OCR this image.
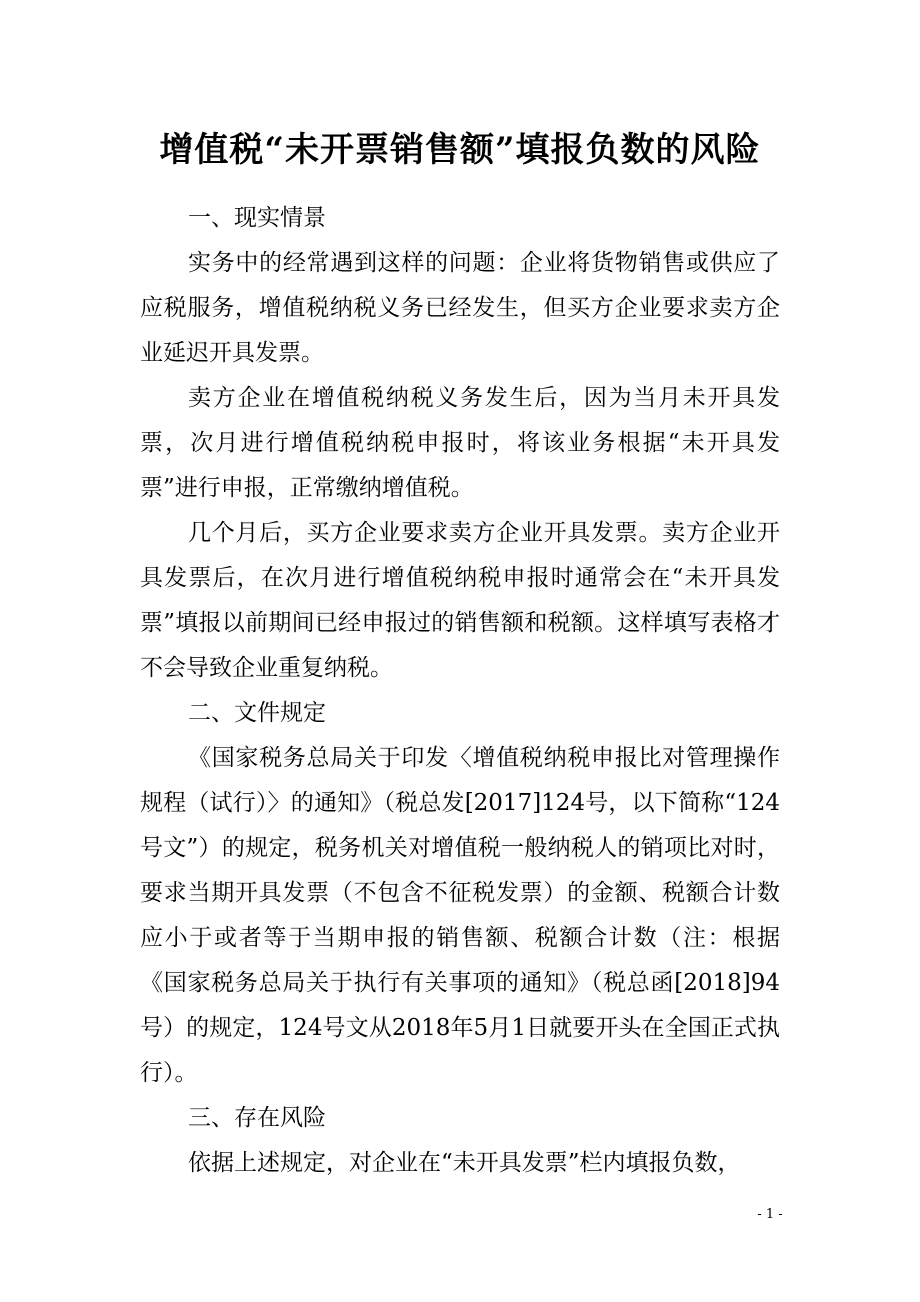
增值税“未开票销售额”填报负数的风险

一、现实情景

实务中的经常遇到这样的问题：企业将货物销售或供应了应税服务，增值税纳税义务已经发生，但买方企业要求卖方企业延迟开具发票。

卖方企业在增值税纳税义务发生后，因为当月未开具发票，次月进行增值税纳税申报时，将该业务根据“未开具发票”进行申报，正常缴纳增值税。

几个月后，买方企业要求卖方企业开具发票。卖方企业开具发票后，在次月进行增值税纳税申报时通常会在“未开具发票”填报以前期间已经申报过的销售额和税额。这样填写表格才不会导致企业重复纳税。

二、文件规定

《国家税务总局关于印发〈增值税纳税申报比对管理操作规程（试行）〉的通知》（税总发[2017]124号，以下简称“124号文”）的规定，税务机关对增值税一般纳税人的销项比对时，要求当期开具发票（不包含不征税发票）的金额、税额合计数应小于或者等于当期申报的销售额、税额合计数（注：根据《国家税务总局关于执行有关事项的通知》（税总函[2018]94号）的规定，124号文从2018年5月1日就要开头在全国正式执行）。

三、存在风险

依据上述规定，对企业在“未开具发票”栏内填报负数，

- 1 -
